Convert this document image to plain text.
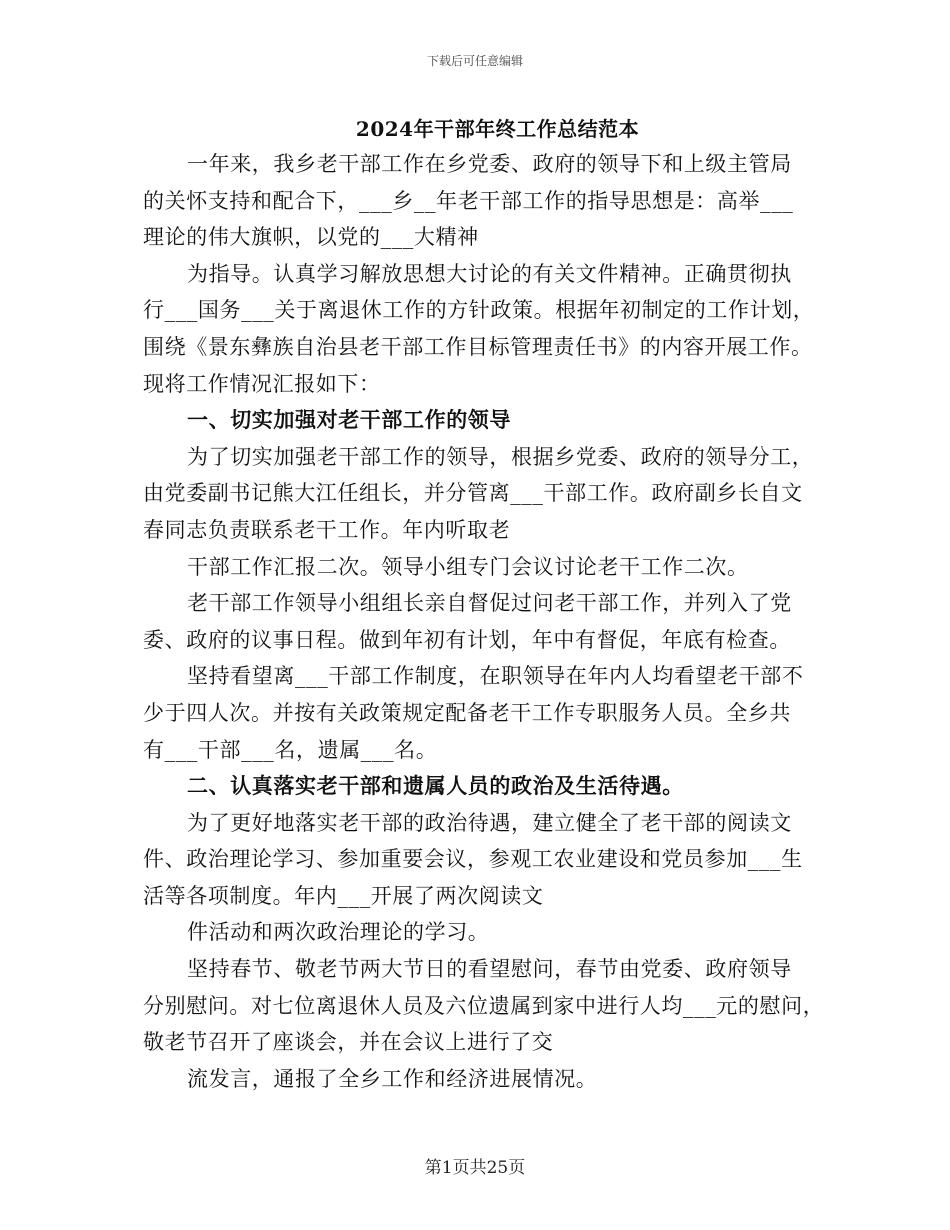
下载后可任意编辑
2024年干部年终工作总结范本
一年来，我乡老干部工作在乡党委、政府的领导下和上级主管局
的关怀支持和配合下，___乡__年老干部工作的指导思想是：高举___
理论的伟大旗帜，以党的___大精神
为指导。认真学习解放思想大讨论的有关文件精神。正确贯彻执
行___国务___关于离退休工作的方针政策。根据年初制定的工作计划，
围绕《景东彝族自治县老干部工作目标管理责任书》的内容开展工作。
现将工作情况汇报如下：
一、切实加强对老干部工作的领导
为了切实加强老干部工作的领导，根据乡党委、政府的领导分工，
由党委副书记熊大江任组长，并分管离___干部工作。政府副乡长自文
春同志负责联系老干工作。年内听取老
干部工作汇报二次。领导小组专门会议讨论老干工作二次。
老干部工作领导小组组长亲自督促过问老干部工作，并列入了党
委、政府的议事日程。做到年初有计划，年中有督促，年底有检查。
坚持看望离___干部工作制度，在职领导在年内人均看望老干部不
少于四人次。并按有关政策规定配备老干工作专职服务人员。全乡共
有___干部___名，遗属___名。
二、认真落实老干部和遗属人员的政治及生活待遇。
为了更好地落实老干部的政治待遇，建立健全了老干部的阅读文
件、政治理论学习、参加重要会议，参观工农业建设和党员参加___生
活等各项制度。年内___开展了两次阅读文
件活动和两次政治理论的学习。
坚持春节、敬老节两大节日的看望慰问，春节由党委、政府领导
分别慰问。对七位离退休人员及六位遗属到家中进行人均___元的慰问，
敬老节召开了座谈会，并在会议上进行了交
流发言，通报了全乡工作和经济进展情况。
第1页共25页
